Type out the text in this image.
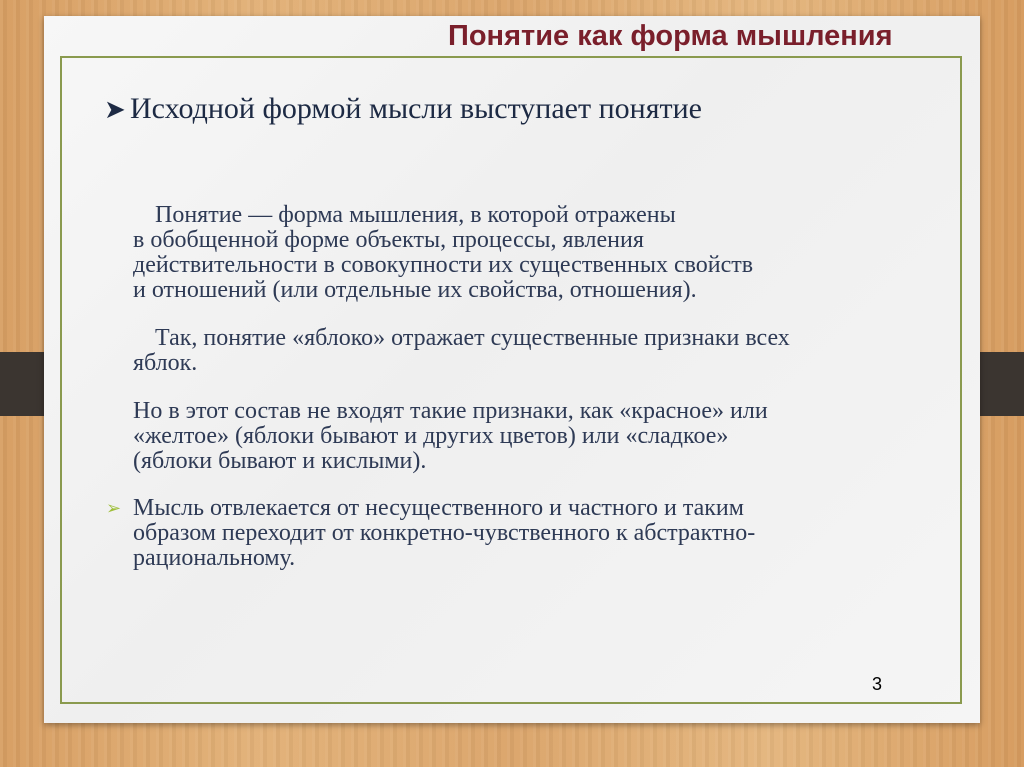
Понятие как форма мышления
➤ Исходной формой мысли выступает понятие
Понятие — форма мышления, в которой отражены
в обобщенной форме объекты, процессы, явления
действительности в совокупности их существенных свойств
и отношений (или отдельные их свойства, отношения).
Так, понятие «яблоко» отражает существенные признаки всех
яблок.
Но в этот состав не входят такие признаки, как «красное» или
«желтое» (яблоки бывают и других цветов) или «сладкое»
(яблоки бывают и кислыми).
➢ Мысль отвлекается от несущественного и частного и таким
образом переходит от конкретно-чувственного к абстрактно-
рациональному.
3
